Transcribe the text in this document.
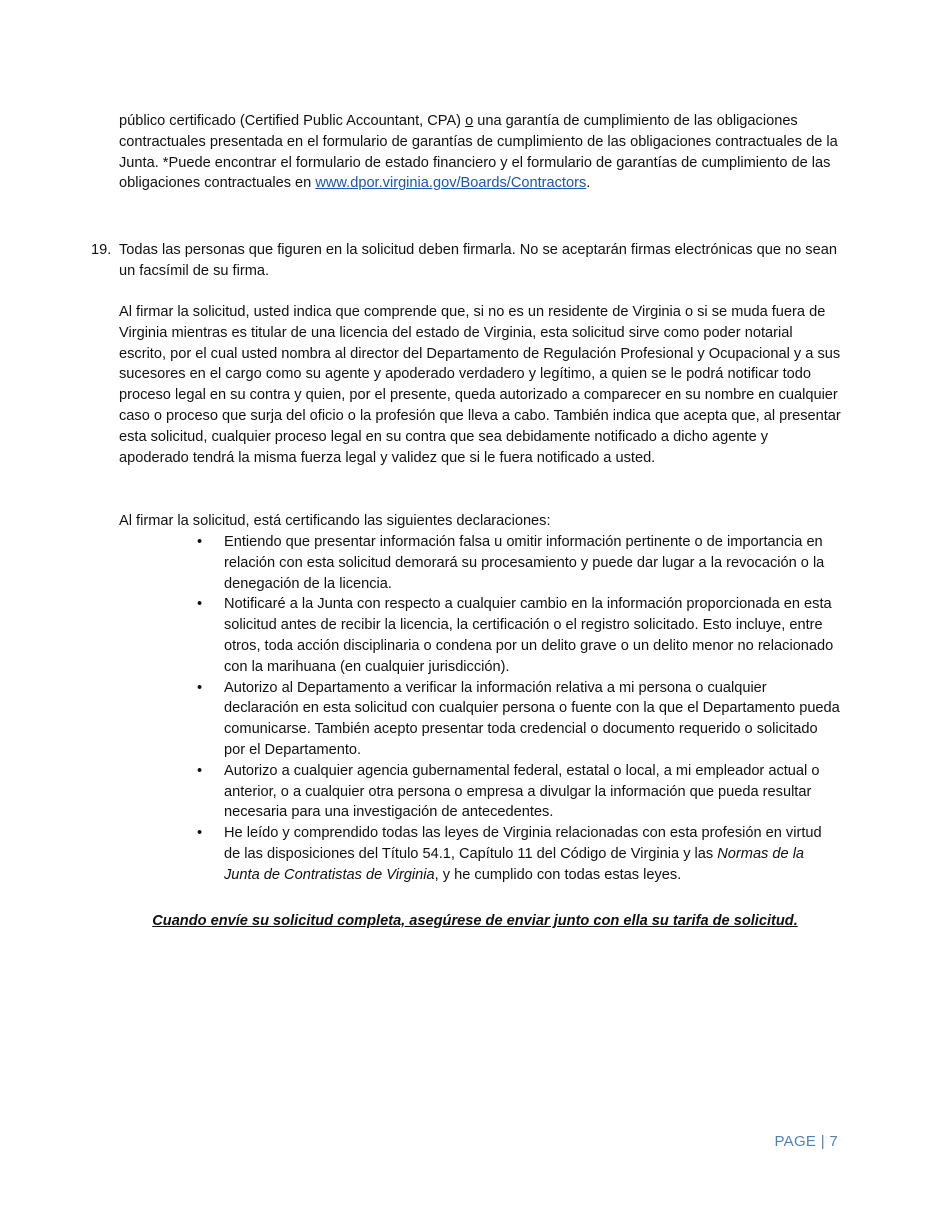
público certificado (Certified Public Accountant, CPA) o una garantía de cumplimiento de las obligaciones contractuales presentada en el formulario de garantías de cumplimiento de las obligaciones contractuales de la Junta. *Puede encontrar el formulario de estado financiero y el formulario de garantías de cumplimiento de las obligaciones contractuales en www.dpor.virginia.gov/Boards/Contractors.

19. Todas las personas que figuren en la solicitud deben firmarla. No se aceptarán firmas electrónicas que no sean un facsímil de su firma.

Al firmar la solicitud, usted indica que comprende que, si no es un residente de Virginia o si se muda fuera de Virginia mientras es titular de una licencia del estado de Virginia, esta solicitud sirve como poder notarial escrito, por el cual usted nombra al director del Departamento de Regulación Profesional y Ocupacional y a sus sucesores en el cargo como su agente y apoderado verdadero y legítimo, a quien se le podrá notificar todo proceso legal en su contra y quien, por el presente, queda autorizado a comparecer en su nombre en cualquier caso o proceso que surja del oficio o la profesión que lleva a cabo. También indica que acepta que, al presentar esta solicitud, cualquier proceso legal en su contra que sea debidamente notificado a dicho agente y apoderado tendrá la misma fuerza legal y validez que si le fuera notificado a usted.

Al firmar la solicitud, está certificando las siguientes declaraciones:

• Entiendo que presentar información falsa u omitir información pertinente o de importancia en relación con esta solicitud demorará su procesamiento y puede dar lugar a la revocación o la denegación de la licencia.
• Notificaré a la Junta con respecto a cualquier cambio en la información proporcionada en esta solicitud antes de recibir la licencia, la certificación o el registro solicitado. Esto incluye, entre otros, toda acción disciplinaria o condena por un delito grave o un delito menor no relacionado con la marihuana (en cualquier jurisdicción).
• Autorizo al Departamento a verificar la información relativa a mi persona o cualquier declaración en esta solicitud con cualquier persona o fuente con la que el Departamento pueda comunicarse. También acepto presentar toda credencial o documento requerido o solicitado por el Departamento.
• Autorizo a cualquier agencia gubernamental federal, estatal o local, a mi empleador actual o anterior, o a cualquier otra persona o empresa a divulgar la información que pueda resultar necesaria para una investigación de antecedentes.
• He leído y comprendido todas las leyes de Virginia relacionadas con esta profesión en virtud de las disposiciones del Título 54.1, Capítulo 11 del Código de Virginia y las Normas de la Junta de Contratistas de Virginia, y he cumplido con todas estas leyes.

Cuando envíe su solicitud completa, asegúrese de enviar junto con ella su tarifa de solicitud.

PAGE | 7
